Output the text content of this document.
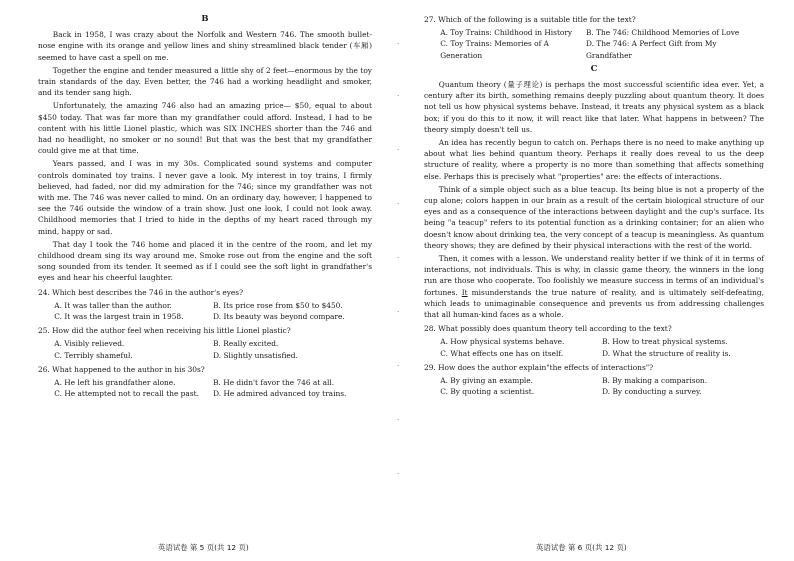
B

Back in 1958, I was crazy about the Norfolk and Western 746. The smooth bullet-nose engine with its orange and yellow lines and shiny streamlined black tender (车厢) seemed to have cast a spell on me.

Together the engine and tender measured a little shy of 2 feet—enormous by the toy train standards of the day. Even better, the 746 had a working headlight and smoker, and its tender sang high.

Unfortunately, the amazing 746 also had an amazing price— $50, equal to about $450 today. That was far more than my grandfather could afford. Instead, I had to be content with his little Lionel plastic, which was SIX INCHES shorter than the 746 and had no headlight, no smoker or no sound! But that was the best that my grandfather could give me at that time.

Years passed, and I was in my 30s. Complicated sound systems and computer controls dominated toy trains. I never gave a look. My interest in toy trains, I firmly believed, had faded, nor did my admiration for the 746; since my grandfather was not with me. The 746 was never called to mind. On an ordinary day, however, I happened to see the 746 outside the window of a train show. Just one look, I could not look away. Childhood memories that I tried to hide in the depths of my heart raced through my mind, happy or sad.

That day I took the 746 home and placed it in the centre of the room, and let my childhood dream sing its way around me. Smoke rose out from the engine and the soft song sounded from its tender. It seemed as if I could see the soft light in grandfather's eyes and hear his cheerful laughter.

24. Which best describes the 746 in the author's eyes?
A. It was taller than the author.	B. Its price rose from $50 to $450.
C. It was the largest train in 1958.	D. Its beauty was beyond compare.
25. How did the author feel when receiving his little Lionel plastic?
A. Visibly relieved.	B. Really excited.
C. Terribly shameful.	D. Slightly unsatisfied.
26. What happened to the author in his 30s?
A. He left his grandfather alone.	B. He didn't favor the 746 at all.
C. He attempted not to recall the past.	D. He admired advanced toy trains.
·
·
·
·
·
·
·
·
·
27. Which of the following is a suitable title for the text?
A. Toy Trains: Childhood in History	B. The 746: Childhood Memories of Love
C. Toy Trains: Memories of A Generation
D. The 746: A Perfect Gift from My Grandfather
C

Quantum theory (量子理论) is perhaps the most successful scientific idea ever. Yet, a century after its birth, something remains deeply puzzling about quantum theory. It does not tell us how physical systems behave. Instead, it treats any physical system as a black box; if you do this to it now, it will react like that later. What happens in between? The theory simply doesn't tell us.

An idea has recently begun to catch on. Perhaps there is no need to make anything up about what lies behind quantum theory. Perhaps it really does reveal to us the deep structure of reality, where a property is no more than something that affects something else. Perhaps this is precisely what "properties" are: the effects of interactions.

Think of a simple object such as a blue teacup. Its being blue is not a property of the cup alone; colors happen in our brain as a result of the certain biological structure of our eyes and as a consequence of the interactions between daylight and the cup's surface. Its being "a teacup" refers to its potential function as a drinking container; for an alien who doesn't know about drinking tea, the very concept of a teacup is meaningless. As quantum theory shows; they are defined by their physical interactions with the rest of the world.

Then, it comes with a lesson. We understand reality better if we think of it in terms of interactions, not individuals. This is why, in classic game theory, the winners in the long run are those who cooperate. Too foolishly we measure success in terms of an individual's fortunes. It misunderstands the true nature of reality, and is ultimately self-defeating, which leads to unimaginable consequence and prevents us from addressing challenges that all human-kind faces as a whole.

28. What possibly does quantum theory tell according to the text?
A. How physical systems behave.	B. How to treat physical systems.
C. What effects one has on itself.	D. What the structure of reality is.
29. How does the author explain"the effects of interactions"?
A. By giving an example.	B. By making a comparison.
C. By quoting a scientist.	D. By conducting a survey.
英语试卷 第 5 页(共 12 页)	英语试卷 第 6 页(共 12 页)
